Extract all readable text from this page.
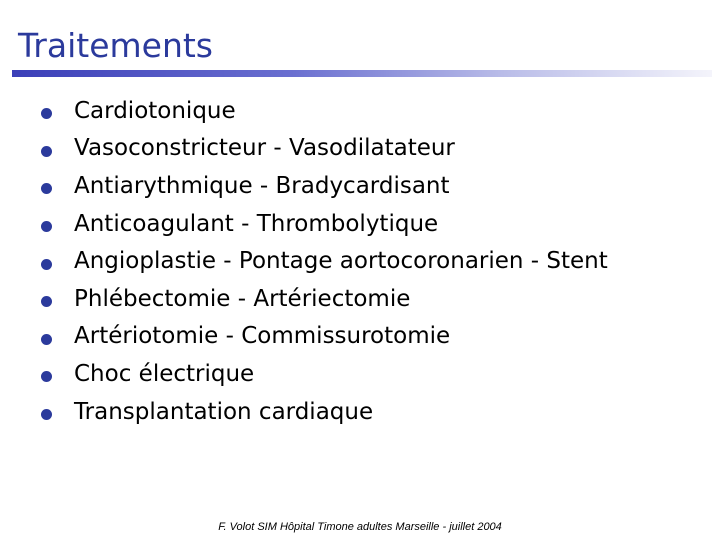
Traitements
Cardiotonique
Vasoconstricteur - Vasodilatateur
Antiarythmique - Bradycardisant
Anticoagulant - Thrombolytique
Angioplastie - Pontage aortocoronarien - Stent
Phlébectomie - Artériectomie
Artériotomie - Commissurotomie
Choc électrique
Transplantation cardiaque
F. Volot SIM Hôpital Timone adultes Marseille - juillet 2004
